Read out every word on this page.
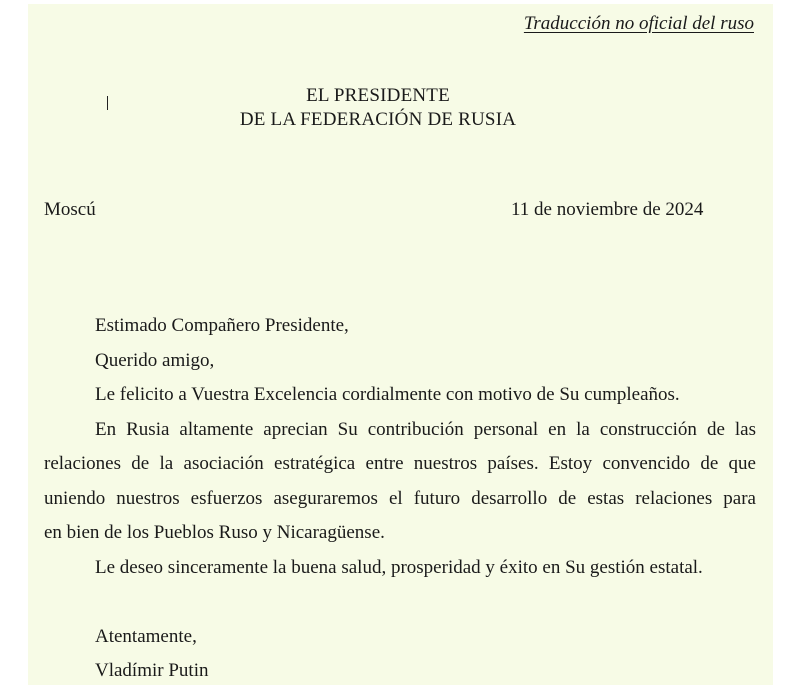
Traducción no oficial del ruso
EL PRESIDENTE
DE LA FEDERACIÓN DE RUSIA
Moscú	11 de noviembre de 2024
Estimado Compañero Presidente,
Querido amigo,
Le felicito a Vuestra Excelencia cordialmente con motivo de Su cumpleaños.
En Rusia altamente aprecian Su contribución personal en la construcción de las
relaciones de la asociación estratégica entre nuestros países. Estoy convencido de que
uniendo nuestros esfuerzos aseguraremos el futuro desarrollo de estas relaciones para
en bien de los Pueblos Ruso y Nicaragüense.
Le deseo sinceramente la buena salud, prosperidad y éxito en Su gestión estatal.
Atentamente,
Vladímir Putin
